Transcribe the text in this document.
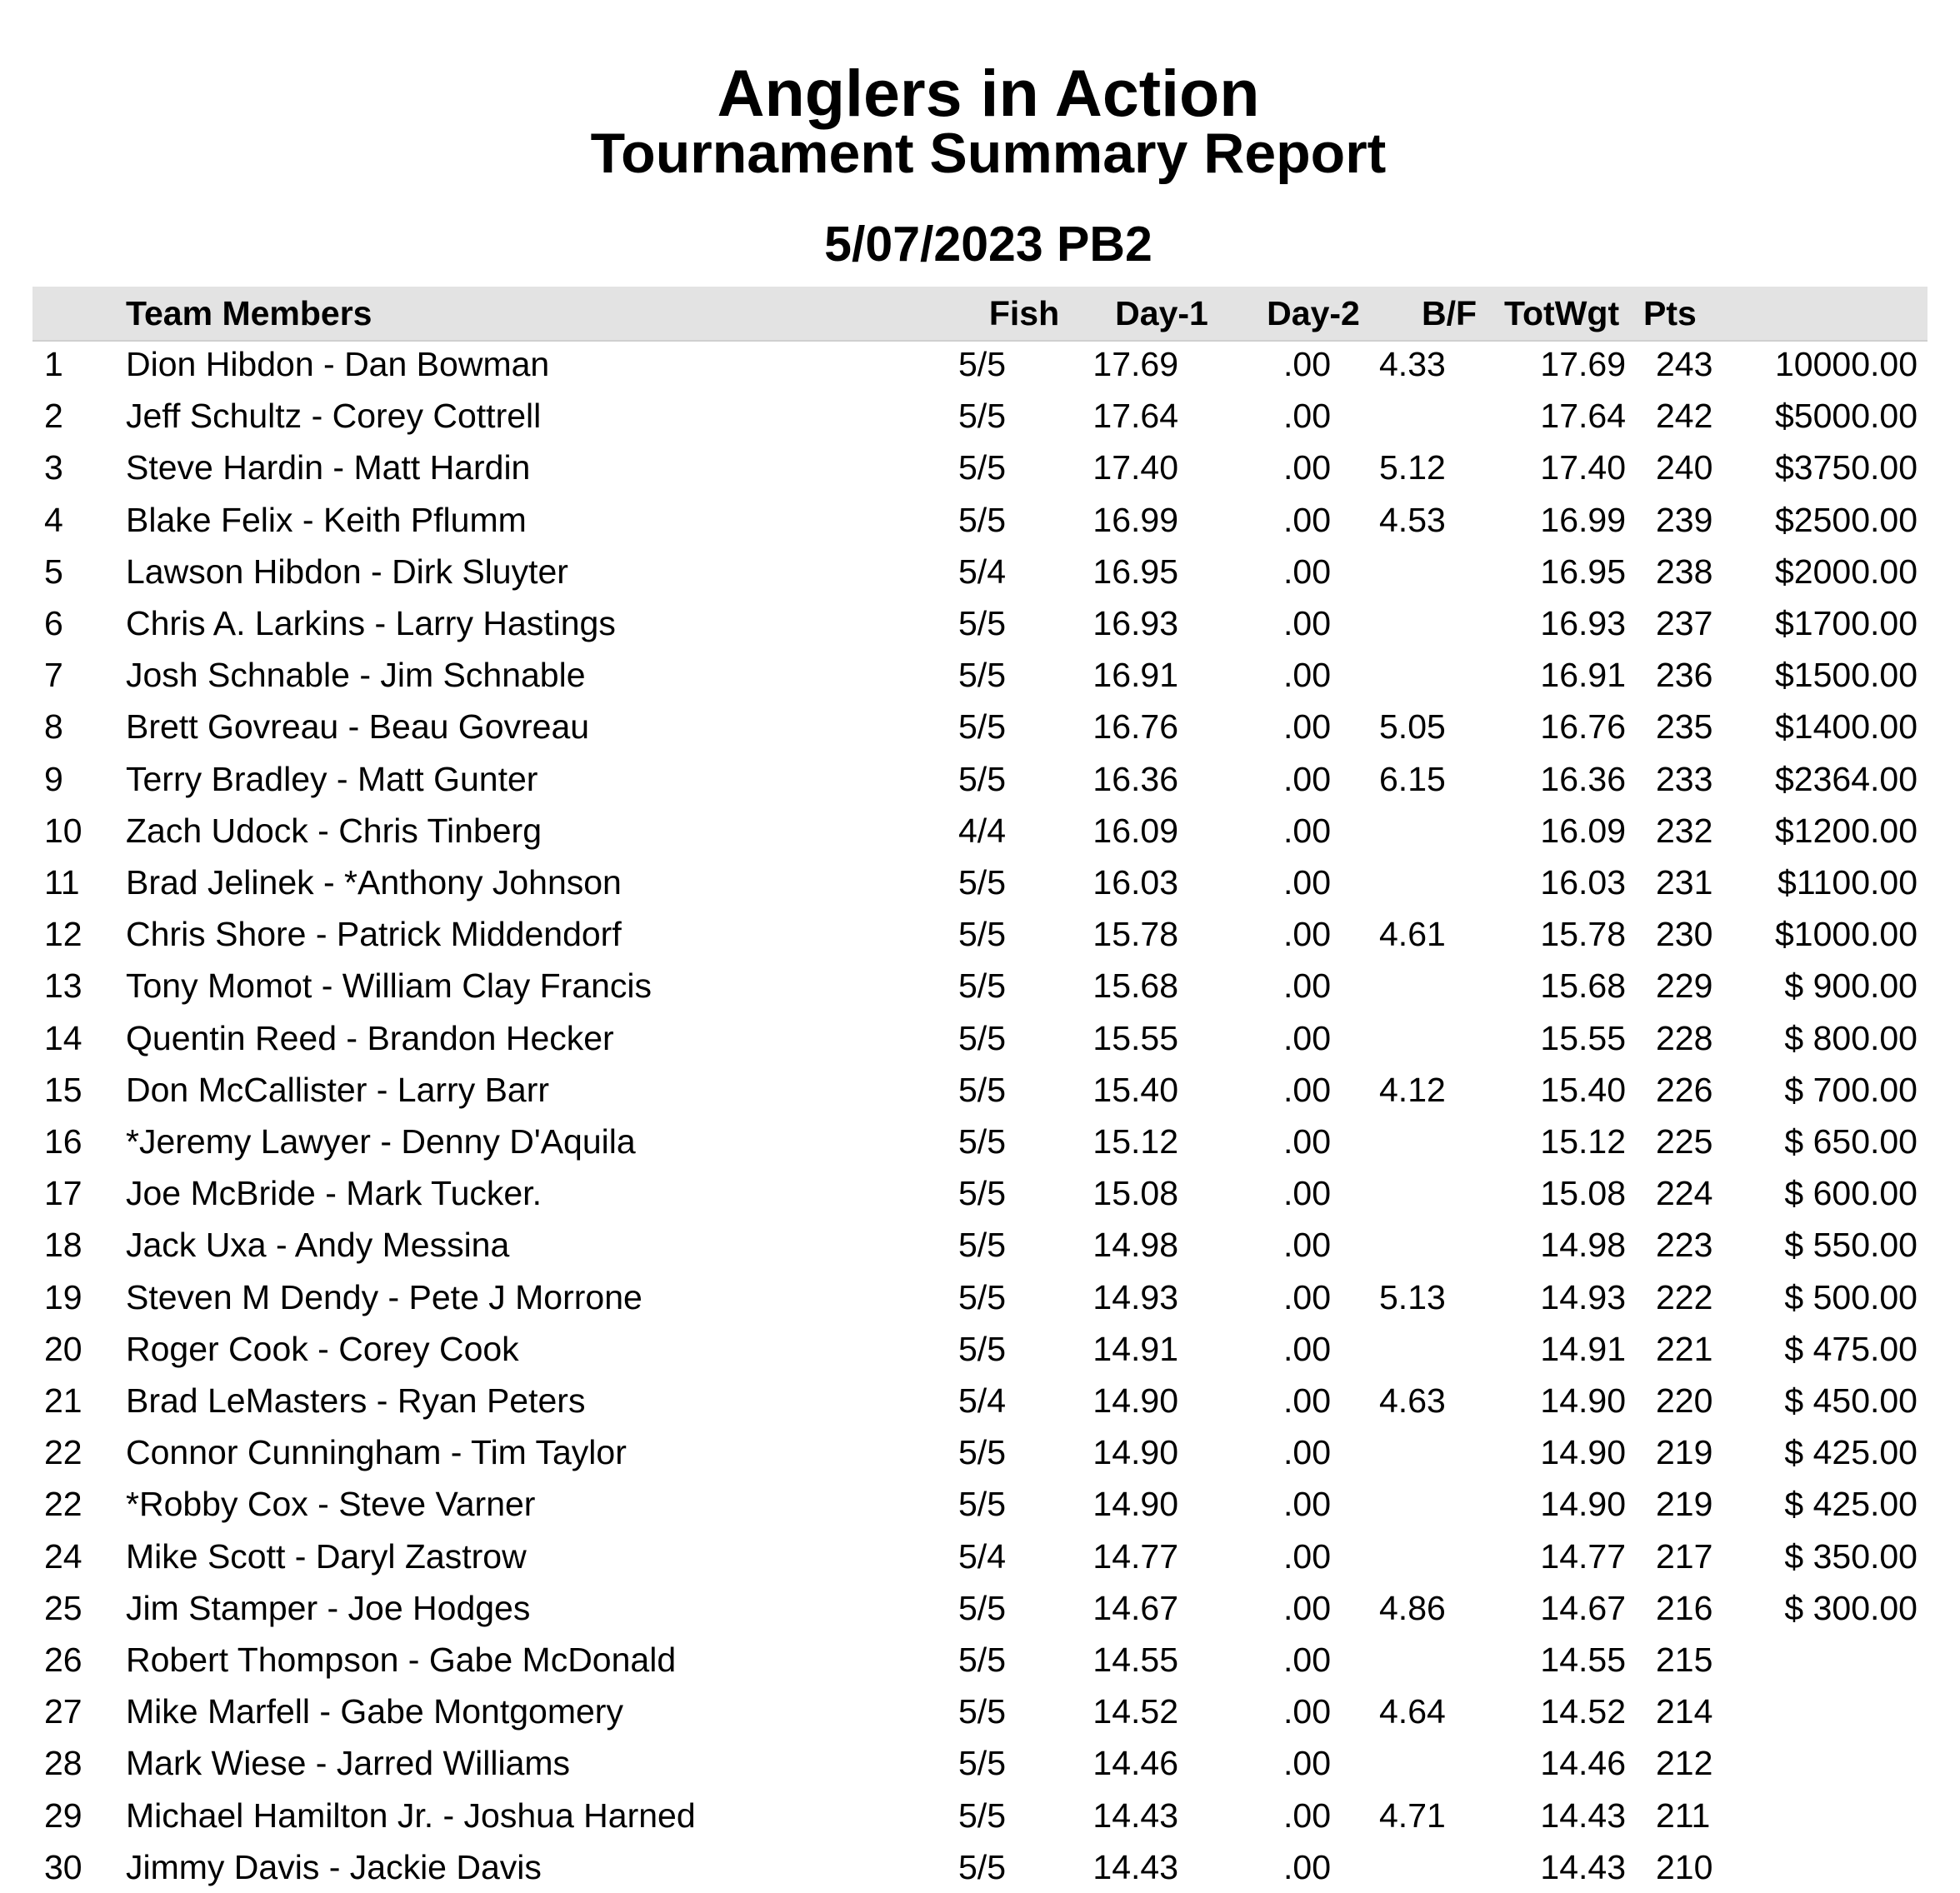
Anglers in Action
Tournament Summary Report
5/07/2023 PB2
Team Members	Fish	Day-1	Day-2	B/F TotWgt Pts
1	Dion Hibdon - Dan Bowman	5/5	17.69	.00 4.33	17.69 243	10000.00
2	Jeff Schultz - Corey Cottrell	5/5	17.64	.00	17.64 242	$5000.00
3	Steve Hardin - Matt Hardin	5/5	17.40	.00 5.12	17.40 240	$3750.00
4	Blake Felix - Keith Pflumm	5/5	16.99	.00 4.53	16.99 239	$2500.00
5	Lawson Hibdon - Dirk Sluyter	5/4	16.95	.00	16.95 238	$2000.00
6	Chris A. Larkins - Larry Hastings	5/5	16.93	.00	16.93 237	$1700.00
7	Josh Schnable - Jim Schnable	5/5	16.91	.00	16.91 236	$1500.00
8	Brett Govreau - Beau Govreau	5/5	16.76	.00 5.05	16.76 235	$1400.00
9	Terry Bradley - Matt Gunter	5/5	16.36	.00 6.15	16.36 233	$2364.00
10	Zach Udock - Chris Tinberg	4/4	16.09	.00	16.09 232	$1200.00
11	Brad Jelinek - *Anthony Johnson	5/5	16.03	.00	16.03 231	$1100.00
12	Chris Shore - Patrick Middendorf	5/5	15.78	.00 4.61	15.78 230	$1000.00
13	Tony Momot - William Clay Francis	5/5	15.68	.00	15.68 229	$ 900.00
14	Quentin Reed - Brandon Hecker	5/5	15.55	.00	15.55 228	$ 800.00
15	Don McCallister - Larry Barr	5/5	15.40	.00 4.12	15.40 226	$ 700.00
16	*Jeremy Lawyer - Denny D'Aquila	5/5	15.12	.00	15.12 225	$ 650.00
17	Joe McBride - Mark Tucker.	5/5	15.08	.00	15.08 224	$ 600.00
18	Jack Uxa - Andy Messina	5/5	14.98	.00	14.98 223	$ 550.00
19	Steven M Dendy - Pete J Morrone	5/5	14.93	.00 5.13	14.93 222	$ 500.00
20	Roger Cook - Corey Cook	5/5	14.91	.00	14.91 221	$ 475.00
21	Brad LeMasters - Ryan Peters	5/4	14.90	.00 4.63	14.90 220	$ 450.00
22	Connor Cunningham - Tim Taylor	5/5	14.90	.00	14.90 219	$ 425.00
22	*Robby Cox - Steve Varner	5/5	14.90	.00	14.90 219	$ 425.00
24	Mike Scott - Daryl Zastrow	5/4	14.77	.00	14.77 217	$ 350.00
25	Jim Stamper - Joe Hodges	5/5	14.67	.00 4.86	14.67 216	$ 300.00
26	Robert Thompson - Gabe McDonald	5/5	14.55	.00	14.55 215
27	Mike Marfell - Gabe Montgomery	5/5	14.52	.00 4.64	14.52 214
28	Mark Wiese - Jarred Williams	5/5	14.46	.00	14.46 212
29	Michael Hamilton Jr. - Joshua Harned	5/5	14.43	.00 4.71	14.43 211
30	Jimmy Davis - Jackie Davis	5/5	14.43	.00	14.43 210
